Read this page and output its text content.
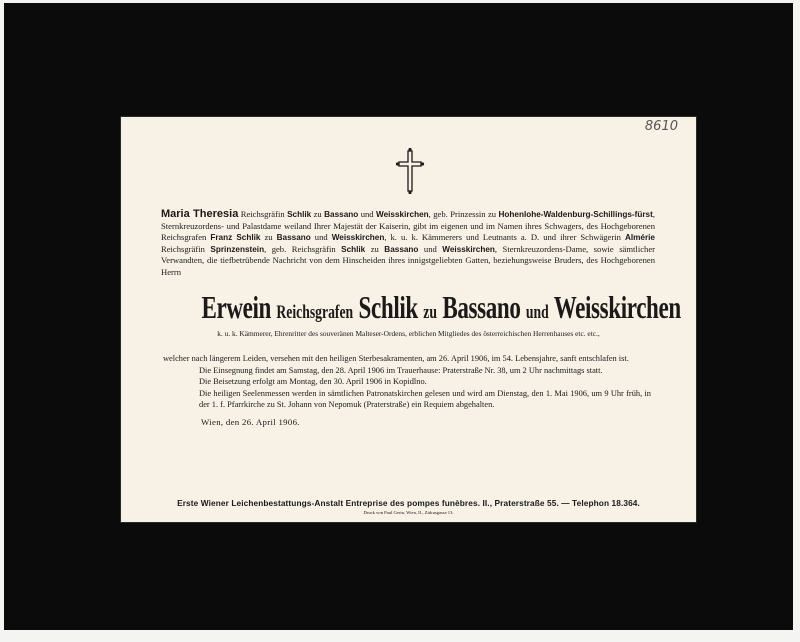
8610
Maria Theresia Reichsgräfin Schlik zu Bassano und Weisskirchen, geb. Prinzessin zu Hohenlohe-Waldenburg-Schillings-fürst, Sternkreuzordens- und Palastdame weiland Ihrer Majestät der Kaiserin, gibt im eigenen und im Namen ihres Schwagers, des Hochgeborenen Reichsgrafen Franz Schlik zu Bassano und Weisskirchen, k. u. k. Kämmerers und Leutnants a. D. und ihrer Schwägerin Almérie Reichsgräfin Sprinzenstein, geb. Reichsgräfin Schlik zu Bassano und Weisskirchen, Sternkreuzordens-Dame, sowie sämtlicher Verwandten, die tiefbetrübende Nachricht von dem Hinscheiden ihres innigstgeliebten Gatten, beziehungsweise Bruders, des Hochgeborenen Herrn
Erwein Reichsgrafen Schlik zu Bassano und Weisskirchen
k. u. k. Kämmerer, Ehrenritter des souveränen Malteser-Ordens, erblichen Mitgliedes des österreichischen Herrenhauses etc. etc.,

welcher nach längerem Leiden, versehen mit den heiligen Sterbesakramenten, am 26. April 1906, im 54. Lebensjahre, sanft entschlafen ist.

Die Einsegnung findet am Samstag, den 28. April 1906 im Trauerhause: Praterstraße Nr. 38, um 2 Uhr nachmittags statt.

Die Beisetzung erfolgt am Montag, den 30. April 1906 in Kopidlno.

Die heiligen Seelenmessen werden in sämtlichen Patronatskirchen gelesen und wird am Dienstag, den 1. Mai 1906, um 9 Uhr früh, in der 1. f. Pfarrkirche zu St. Johann von Nepomuk (Praterstraße) ein Requiem abgehalten.

Wien, den 26. April 1906.
Erste Wiener Leichenbestattungs-Anstalt Entreprise des pompes funèbres. II., Praterstraße 55. — Telephon 18.364.
Druck von Paul Gerin, Wien, II., Zirkusgasse 13.
